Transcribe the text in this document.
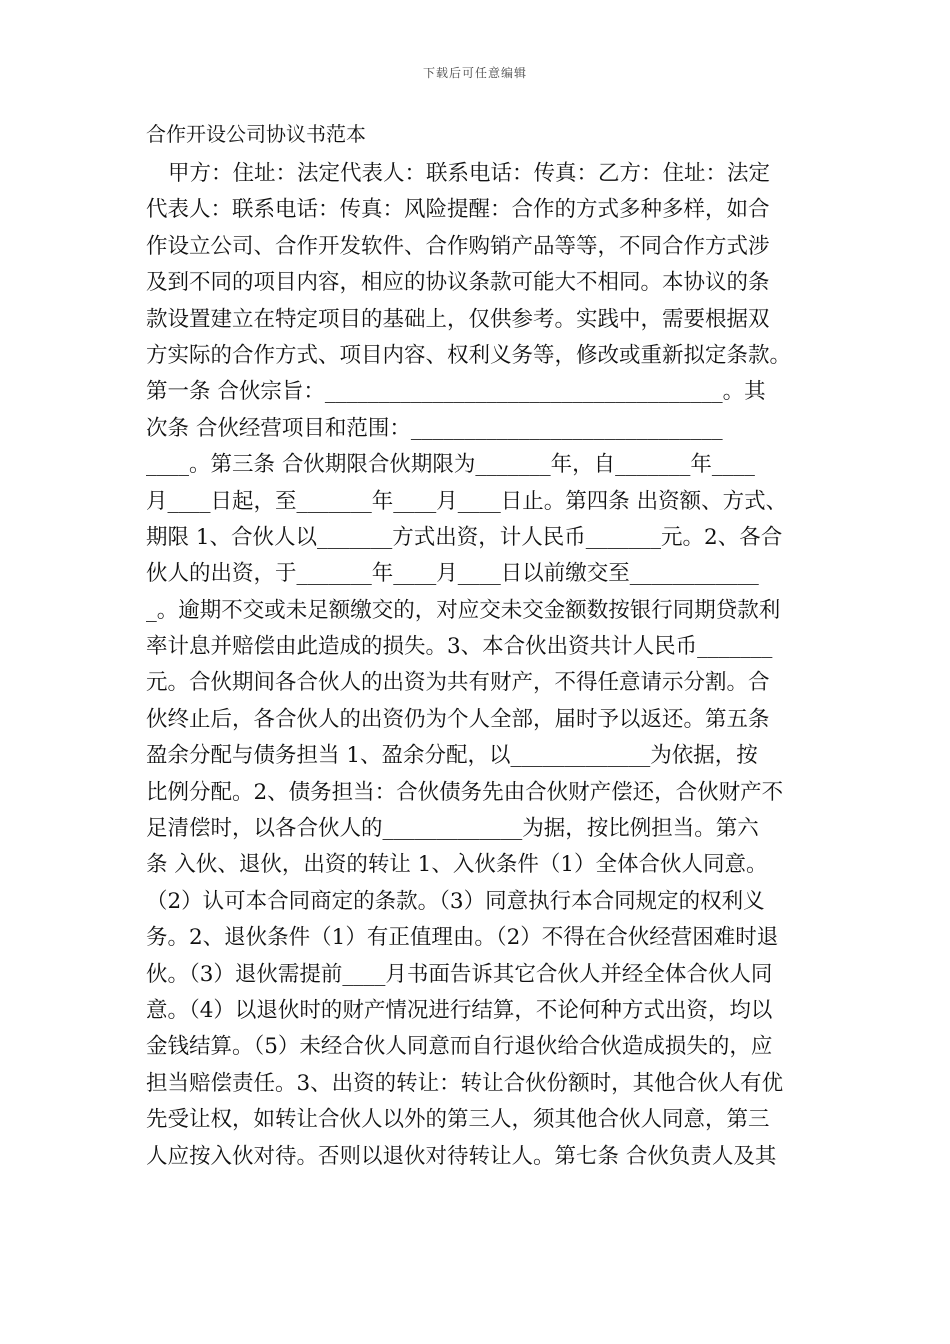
下载后可任意编辑
合作开设公司协议书范本
甲方：住址：法定代表人：联系电话：传真：乙方：住址：法定
代表人：联系电话：传真：风险提醒：合作的方式多种多样，如合
作设立公司、合作开发软件、合作购销产品等等，不同合作方式涉
及到不同的项目内容，相应的协议条款可能大不相同。本协议的条
款设置建立在特定项目的基础上，仅供参考。实践中，需要根据双
方实际的合作方式、项目内容、权利义务等，修改或重新拟定条款。
第一条 合伙宗旨：_____________________________________。其
次条 合伙经营项目和范围：_____________________________
____。第三条 合伙期限合伙期限为_______年，自_______年____
月____日起，至_______年____月____日止。第四条 出资额、方式、
期限 1、合伙人以_______方式出资，计人民币_______元。2、各合
伙人的出资，于_______年____月____日以前缴交至____________
_。逾期不交或未足额缴交的，对应交未交金额数按银行同期贷款利
率计息并赔偿由此造成的损失。3、本合伙出资共计人民币_______
元。合伙期间各合伙人的出资为共有财产，不得任意请示分割。合
伙终止后，各合伙人的出资仍为个人全部，届时予以返还。第五条
盈余分配与债务担当 1、盈余分配，以_____________为依据，按
比例分配。2、债务担当：合伙债务先由合伙财产偿还，合伙财产不
足清偿时，以各合伙人的_____________为据，按比例担当。第六
条 入伙、退伙，出资的转让 1、入伙条件（1）全体合伙人同意。
（2）认可本合同商定的条款。（3）同意执行本合同规定的权利义
务。2、退伙条件（1）有正值理由。（2）不得在合伙经营困难时退
伙。（3）退伙需提前____月书面告诉其它合伙人并经全体合伙人同
意。（4）以退伙时的财产情况进行结算，不论何种方式出资，均以
金钱结算。（5）未经合伙人同意而自行退伙给合伙造成损失的，应
担当赔偿责任。3、出资的转让：转让合伙份额时，其他合伙人有优
先受让权，如转让合伙人以外的第三人，须其他合伙人同意，第三
人应按入伙对待。否则以退伙对待转让人。第七条 合伙负责人及其
